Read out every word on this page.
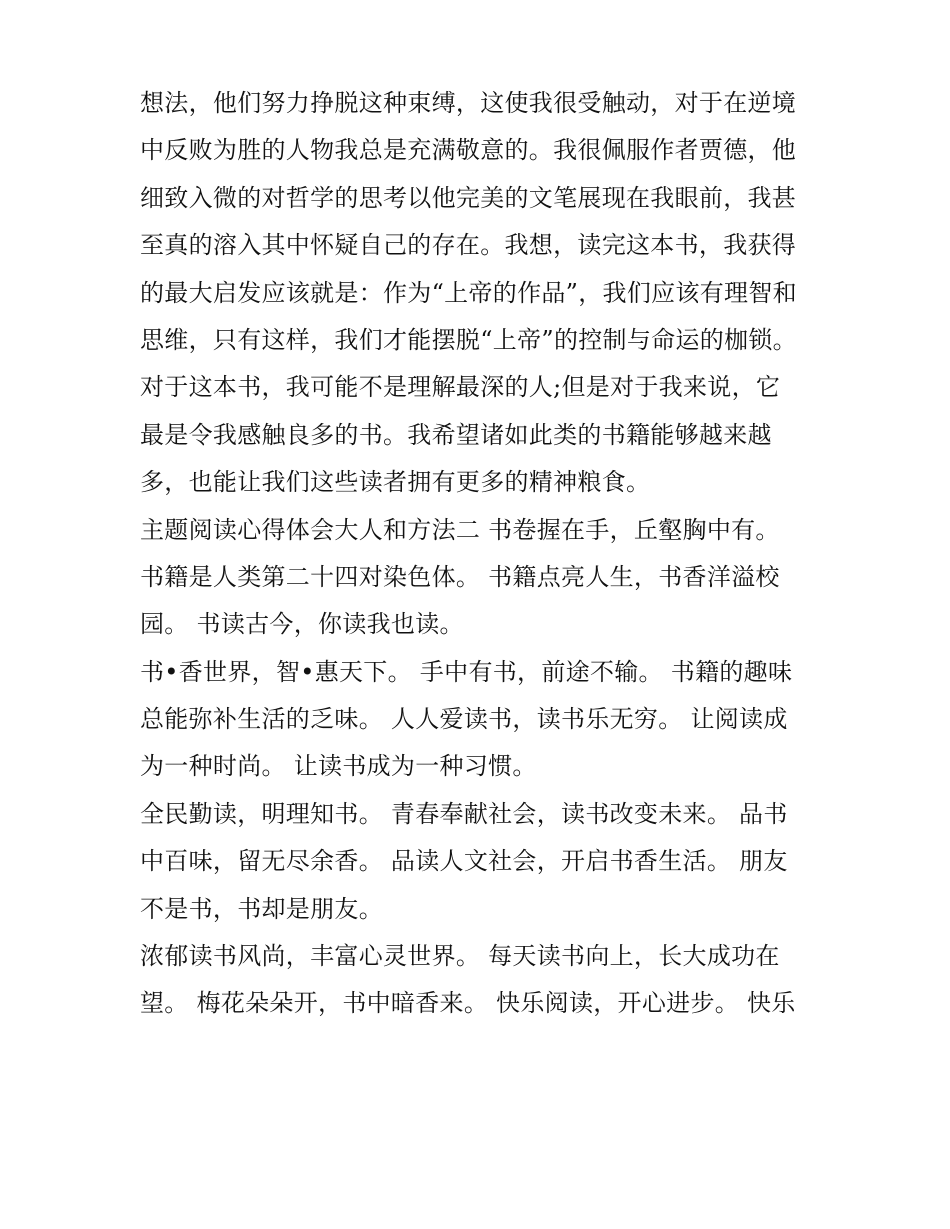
想法，他们努力挣脱这种束缚，这使我很受触动，对于在逆境
中反败为胜的人物我总是充满敬意的。我很佩服作者贾德，他
细致入微的对哲学的思考以他完美的文笔展现在我眼前，我甚
至真的溶入其中怀疑自己的存在。我想，读完这本书，我获得
的最大启发应该就是：作为“上帝的作品”，我们应该有理智和
思维，只有这样，我们才能摆脱“上帝”的控制与命运的枷锁。
对于这本书，我可能不是理解最深的人;但是对于我来说，它
最是令我感触良多的书。我希望诸如此类的书籍能够越来越
多，也能让我们这些读者拥有更多的精神粮食。
主题阅读心得体会大人和方法二 书卷握在手，丘壑胸中有。
书籍是人类第二十四对染色体。 书籍点亮人生，书香洋溢校
园。 书读古今，你读我也读。
书•香世界，智•惠天下。 手中有书，前途不输。 书籍的趣味
总能弥补生活的乏味。 人人爱读书，读书乐无穷。 让阅读成
为一种时尚。 让读书成为一种习惯。
全民勤读，明理知书。 青春奉献社会，读书改变未来。 品书
中百味，留无尽余香。 品读人文社会，开启书香生活。 朋友
不是书，书却是朋友。
浓郁读书风尚，丰富心灵世界。 每天读书向上，长大成功在
望。 梅花朵朵开，书中暗香来。 快乐阅读，开心进步。 快乐
